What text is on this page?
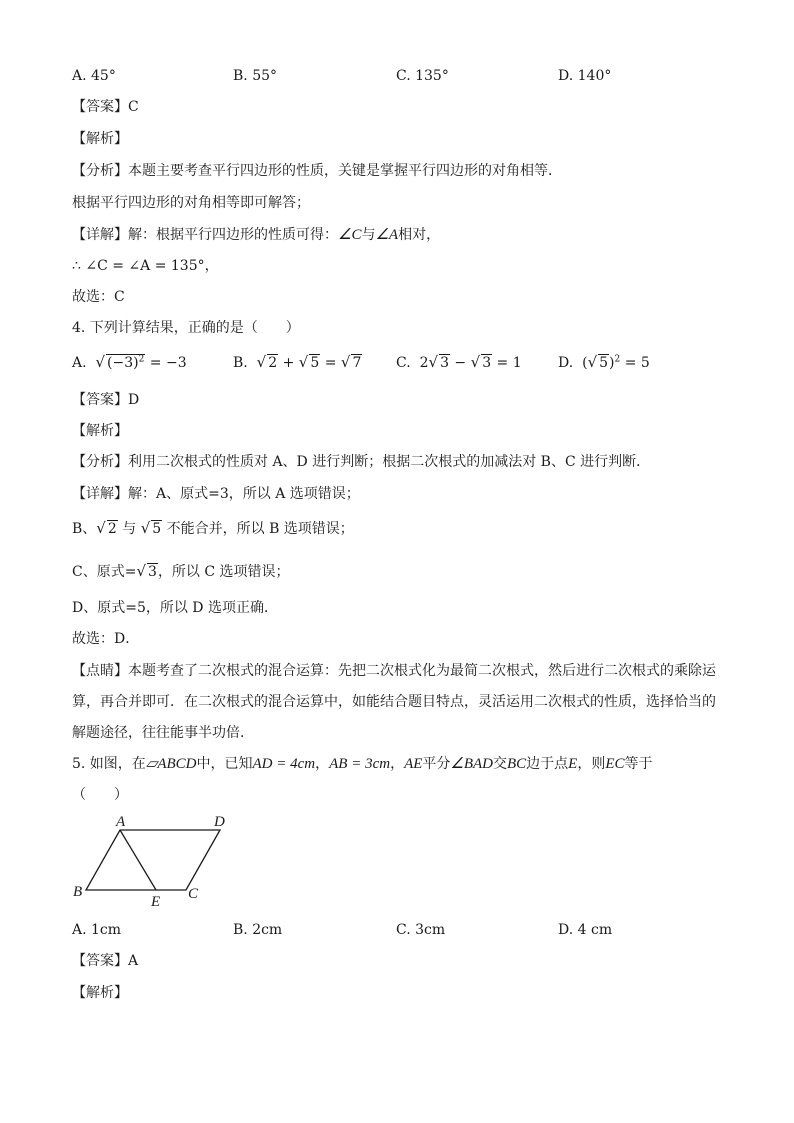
A. 45°	B. 55°	C. 135°	D. 140°
【答案】C
【解析】
【分析】本题主要考查平行四边形的性质，关键是掌握平行四边形的对角相等．
根据平行四边形的对角相等即可解答；
【详解】解：根据平行四边形的性质可得：∠C与∠A相对，
∴ ∠C = ∠A = 135°，
故选：C
4. 下列计算结果，正确的是（　　）
A. √ $(-3)^2 = -3$	B. √ 2 + √ 5 = √ 7 C. 2√ 3 − √ 3 = 1	D. (√ 5)$^2$ = 5
【答案】D
【解析】
【分析】利用二次根式的性质对 A、D 进行判断；根据二次根式的加减法对 B、C 进行判断．
【详解】解：A、原式=3，所以 A 选项错误；
B、√ 2 与 √ 5 不能合并，所以 B 选项错误；
C、原式=√ 3，所以 C 选项错误；
D、原式=5，所以 D 选项正确．
故选：D．
【点睛】本题考查了二次根式的混合运算：先把二次根式化为最简二次根式，然后进行二次根式的乘除运
算，再合并即可．在二次根式的混合运算中，如能结合题目特点，灵活运用二次根式的性质，选择恰当的
解题途径，往往能事半功倍．
5. 如图，在▱ABCD中，已知AD = 4cm，AB = 3cm，AE平分∠BAD交BC边于点E，则EC等于
（　　）
A	D
B
E C
A. 1cm	B. 2cm	C. 3cm	D. 4 cm
【答案】A
【解析】
